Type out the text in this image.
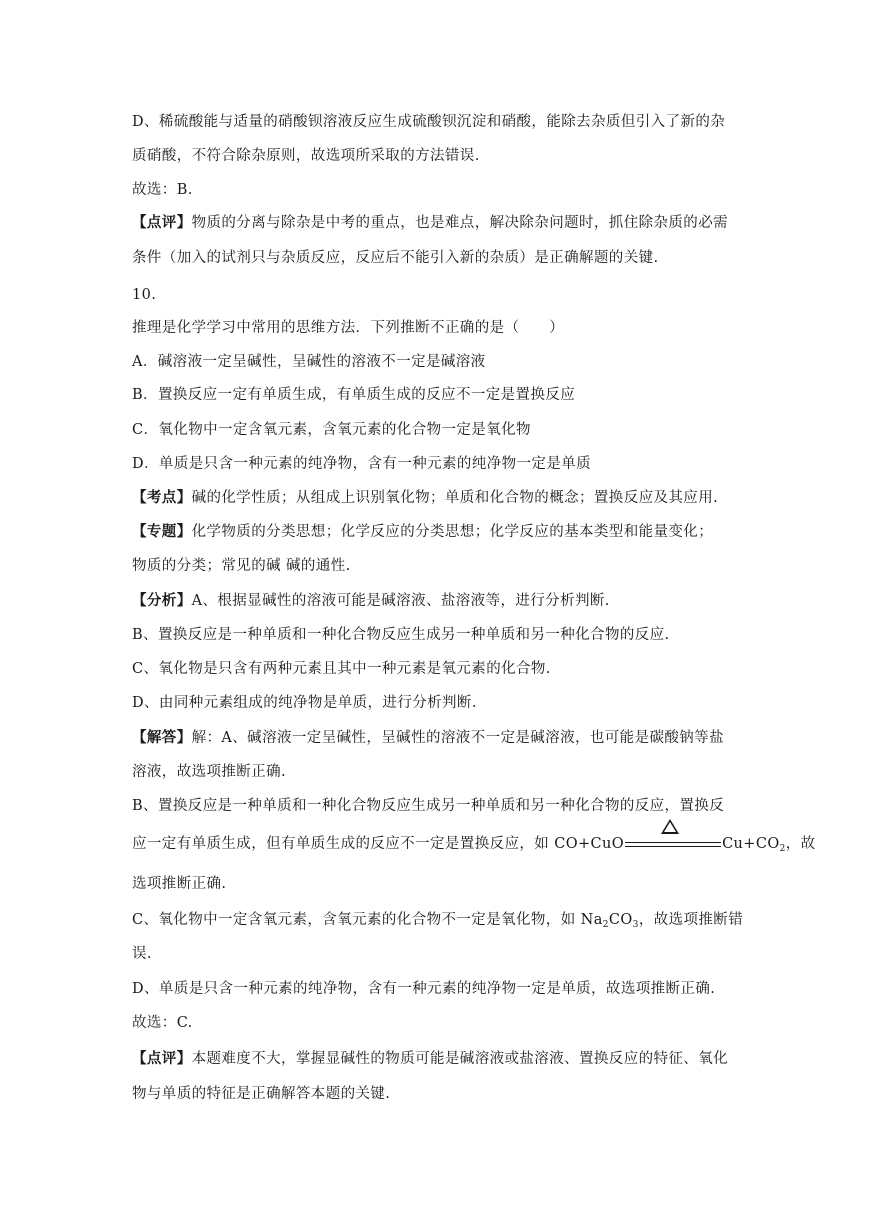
D、稀硫酸能与适量的硝酸钡溶液反应生成硫酸钡沉淀和硝酸，能除去杂质但引入了新的杂
质硝酸，不符合除杂原则，故选项所采取的方法错误.
故选：B.
【点评】物质的分离与除杂是中考的重点，也是难点，解决除杂问题时，抓住除杂质的必需
条件（加入的试剂只与杂质反应，反应后不能引入新的杂质）是正确解题的关键.
10.
推理是化学学习中常用的思维方法．下列推断不正确的是（　　）
A．碱溶液一定呈碱性，呈碱性的溶液不一定是碱溶液
B．置换反应一定有单质生成，有单质生成的反应不一定是置换反应
C．氧化物中一定含氧元素，含氧元素的化合物一定是氧化物
D．单质是只含一种元素的纯净物，含有一种元素的纯净物一定是单质
【考点】碱的化学性质；从组成上识别氧化物；单质和化合物的概念；置换反应及其应用.
【专题】化学物质的分类思想；化学反应的分类思想；化学反应的基本类型和能量变化；
物质的分类；常见的碱 碱的通性.
【分析】A、根据显碱性的溶液可能是碱溶液、盐溶液等，进行分析判断.
B、置换反应是一种单质和一种化合物反应生成另一种单质和另一种化合物的反应.
C、氧化物是只含有两种元素且其中一种元素是氧元素的化合物.
D、由同种元素组成的纯净物是单质，进行分析判断.
【解答】解：A、碱溶液一定呈碱性，呈碱性的溶液不一定是碱溶液，也可能是碳酸钠等盐
溶液，故选项推断正确.
B、置换反应是一种单质和一种化合物反应生成另一种单质和另一种化合物的反应，置换反
应一定有单质生成，但有单质生成的反应不一定是置换反应，如 CO+CuO	$Cu+CO_2$，故
选项推断正确.
C、氧化物中一定含氧元素，含氧元素的化合物不一定是氧化物，如 $Na_2CO_3$，故选项推断错
误.
D、单质是只含一种元素的纯净物，含有一种元素的纯净物一定是单质，故选项推断正确.
故选：C.
【点评】本题难度不大，掌握显碱性的物质可能是碱溶液或盐溶液、置换反应的特征、氧化
物与单质的特征是正确解答本题的关键.
